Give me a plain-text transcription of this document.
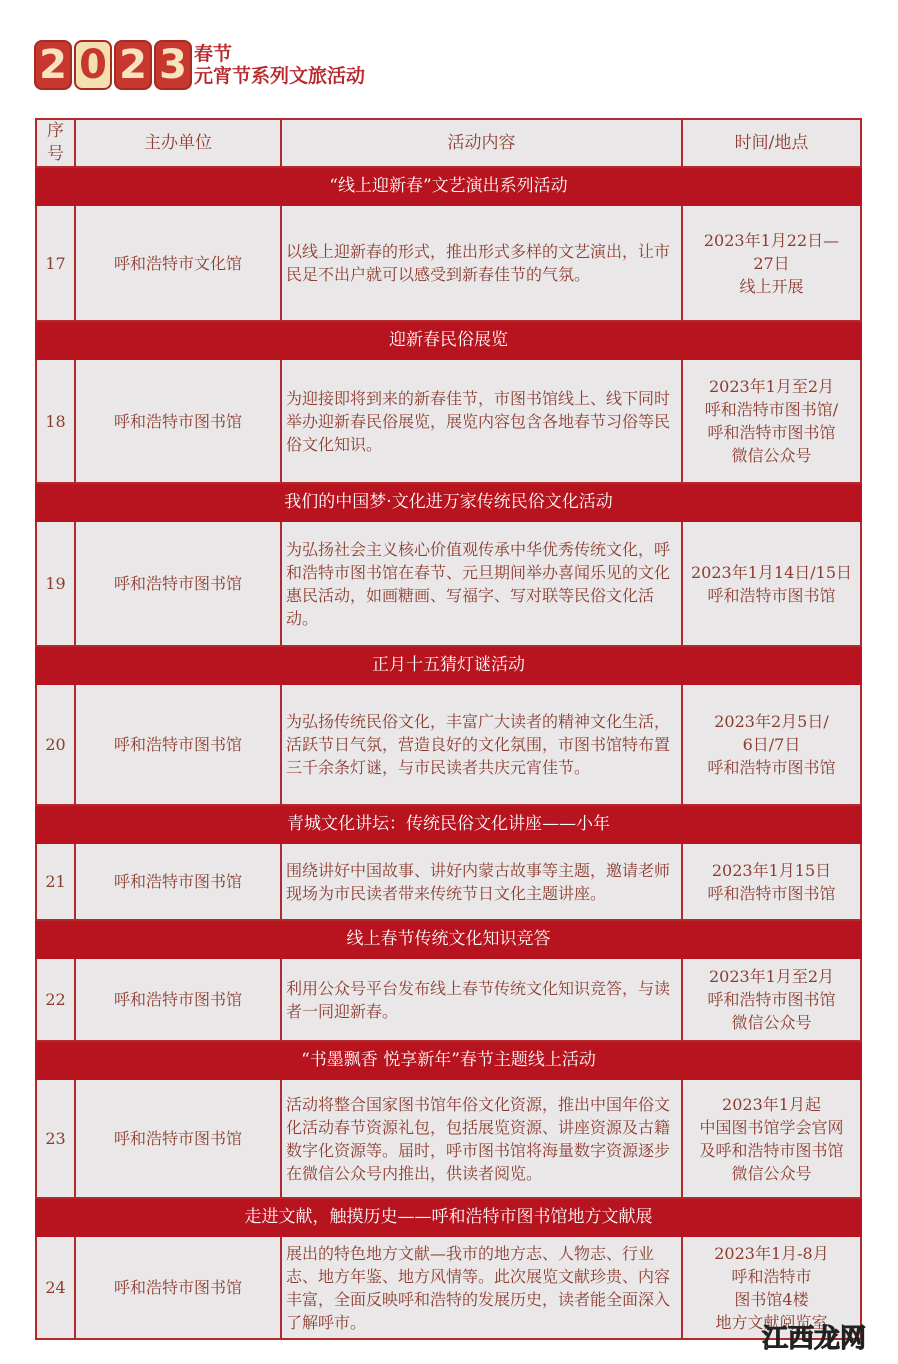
2 0 2 3 春节
元宵节系列文旅活动
序号	主办单位	活动内容	时间/地点
“线上迎新春”文艺演出系列活动			
17	呼和浩特市文化馆	以线上迎新春的形式，推出形式多样的文艺演出，让市民足不出户就可以感受到新春佳节的气氛。	2023年1月22日—
27日
线上开展

迎新春民俗展览			
18	呼和浩特市图书馆	为迎接即将到来的新春佳节，市图书馆线上、线下同时举办迎新春民俗展览，展览内容包含各地春节习俗等民俗文化知识。	2023年1月至2月
呼和浩特市图书馆/
呼和浩特市图书馆
微信公众号

我们的中国梦·文化进万家传统民俗文化活动			
19	呼和浩特市图书馆	为弘扬社会主义核心价值观传承中华优秀传统文化，呼和浩特市图书馆在春节、元旦期间举办喜闻乐见的文化惠民活动，如画糖画、写福字、写对联等民俗文化活动。	2023年1月14日/15日
呼和浩特市图书馆

正月十五猜灯谜活动			
20	呼和浩特市图书馆	为弘扬传统民俗文化，丰富广大读者的精神文化生活，活跃节日气氛，营造良好的文化氛围，市图书馆特布置三千余条灯谜，与市民读者共庆元宵佳节。	2023年2月5日/
6日/7日
呼和浩特市图书馆

青城文化讲坛：传统民俗文化讲座——小年			
21	呼和浩特市图书馆	围绕讲好中国故事、讲好内蒙古故事等主题，邀请老师现场为市民读者带来传统节日文化主题讲座。	2023年1月15日
呼和浩特市图书馆

线上春节传统文化知识竞答			
22	呼和浩特市图书馆	利用公众号平台发布线上春节传统文化知识竞答，与读者一同迎新春。	2023年1月至2月
呼和浩特市图书馆
微信公众号

“书墨飘香 悦享新年”春节主题线上活动			
23	呼和浩特市图书馆	活动将整合国家图书馆年俗文化资源，推出中国年俗文化活动春节资源礼包，包括展览资源、讲座资源及古籍数字化资源等。届时，呼市图书馆将海量数字资源逐步在微信公众号内推出，供读者阅览。	2023年1月起
中国图书馆学会官网
及呼和浩特市图书馆
微信公众号

走进文献，触摸历史——呼和浩特市图书馆地方文献展			
24	呼和浩特市图书馆	展出的特色地方文献—我市的地方志、人物志、行业志、地方年鉴、地方风情等。此次展览文献珍贵、内容丰富，全面反映呼和浩特的发展历史，读者能全面深入了解呼市。	2023年1月-8月
呼和浩特市
图书馆4楼
地方文献阅览室
江西龙网
